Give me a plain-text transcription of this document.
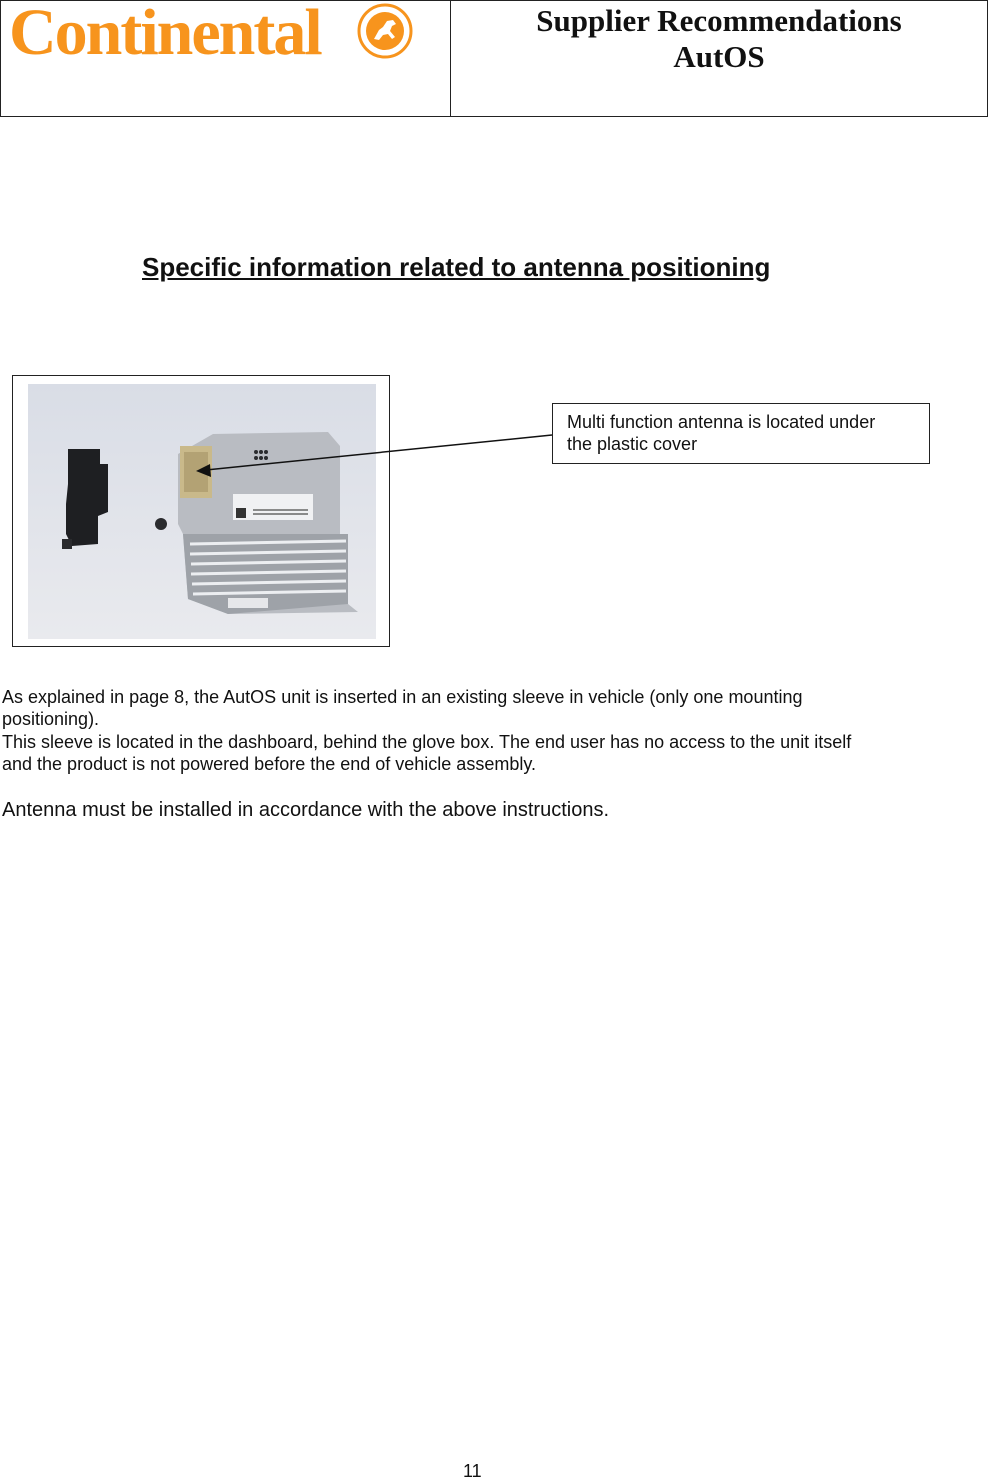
Continental	Supplier Recommendations
AutOS
Specific information related to antenna positioning
Multi function antenna is located under
the plastic cover
As explained in page 8, the AutOS unit is inserted in an existing sleeve in vehicle (only one mounting
positioning).
This sleeve is located in the dashboard, behind the glove box. The end user has no access to the unit itself
and the product is not powered before the end of vehicle assembly.
Antenna must be installed in accordance with the above instructions.
11
